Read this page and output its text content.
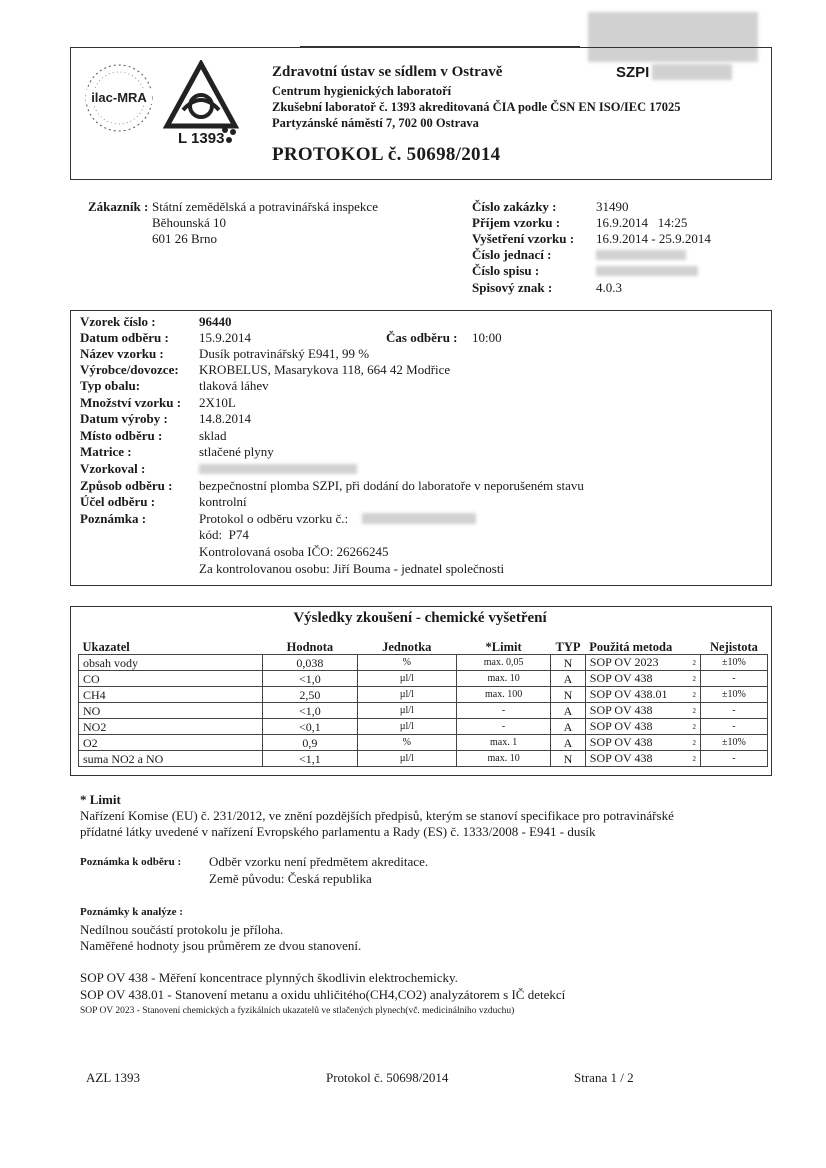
ilac-MRA
L 1393
Zdravotní ústav se sídlem v Ostravě
Centrum hygienických laboratoří
Zkušební laboratoř č. 1393 akreditovaná ČIA podle ČSN EN ISO/IEC 17025
Partyzánské náměstí 7, 702 00 Ostrava
PROTOKOL č. 50698/2014
SZPI
Zákazník : Státní zemědělská a potravinářská inspekce
Běhounská 10
601 26 Brno
Číslo zakázky :	31490
Příjem vzorku :	16.9.2014   14:25
Vyšetření vzorku : 16.9.2014 - 25.9.2014
Číslo jednací :
Číslo spisu :
Spisový znak :	4.0.3
Vzorek číslo :	96440
Datum odběru : 15.9.2014	Čas odběru : 10:00
Název vzorku :	Dusík potravinářský E941, 99 %
Výrobce/dovozce: KROBELUS, Masarykova 118, 664 42 Modřice
Typ obalu:	tlaková láhev
Množství vzorku : 2X10L
Datum výroby : 14.8.2014
Místo odběru :	sklad
Matrice :	stlačené plyny
Vzorkoval :
Způsob odběru : bezpečnostní plomba SZPI, při dodání do laboratoře v neporušeném stavu
Účel odběru :	kontrolní
Poznámka :	Protokol o odběru vzorku č.:
kód:  P74
Kontrolovaná osoba IČO: 26266245
Za kontrolovanou osobu: Jiří Bouma - jednatel společnosti
Výsledky zkoušení - chemické vyšetření
Ukazatel	Hodnota	Jednotka	*Limit	TYP	Použitá metoda	Nejistota
obsah vody	0,038	%	max. 0,05	N	SOP OV 2023 2	±10%
CO	<1,0	µl/l	max. 10	A	SOP OV 438 2	-
CH4	2,50	µl/l	max. 100	N	SOP OV 438.01 2	±10%
NO	<1,0	µl/l	-	A	SOP OV 438 2	-
NO2	<0,1	µl/l	-	A	SOP OV 438 2	-
O2	0,9	%	max. 1	A	SOP OV 438 2	±10%
suma NO2 a NO	<1,1	µl/l	max. 10	N	SOP OV 438 2	-
* Limit
Nařízení Komise (EU) č. 231/2012, ve znění pozdějších předpisů, kterým se stanoví specifikace pro potravinářské
přídatné látky uvedené v nařízení Evropského parlamentu a Rady (ES) č. 1333/2008 - E941 - dusík
Poznámka k odběru : Odběr vzorku není předmětem akreditace.
Země původu: Česká republika
Poznámky k analýze :
Nedílnou součástí protokolu je příloha.
Naměřené hodnoty jsou průměrem ze dvou stanovení.
SOP OV 438 - Měření koncentrace plynných škodlivin elektrochemicky.
SOP OV 438.01 - Stanovení metanu a oxidu uhličitého(CH4,CO2) analyzátorem s IČ detekcí
SOP OV 2023 - Stanovení chemických a fyzikálních ukazatelů ve stlačených plynech(vč. medicinálního vzduchu)
AZL 1393	Protokol č. 50698/2014	Strana 1 / 2
